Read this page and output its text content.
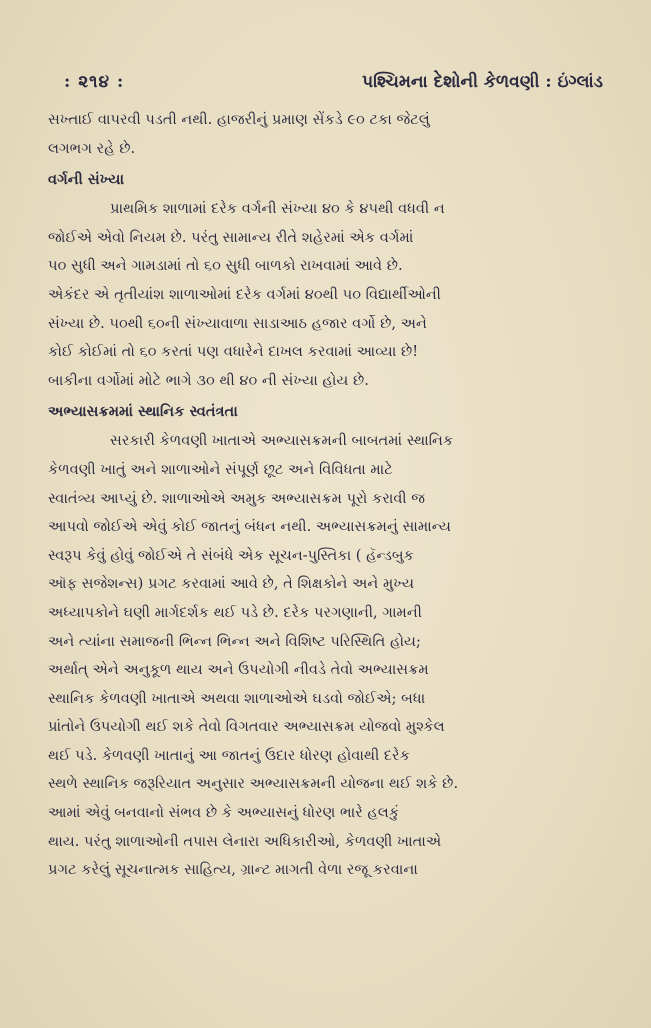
: ૨૧૪ :	પશ્ચિમના દેશોની કેળવણી : ઇંગ્લાંડ
સખ્તાઈ વાપરવી પડતી નથી. હાજરીનું પ્રમાણ સેંકડે ૯૦ ટકા જેટલું
લગભગ રહે છે.
વર્ગની સંખ્યા
પ્રાથમિક શાળામાં દરેક વર્ગની સંખ્યા ૪૦ કે ૪૫થી વધવી ન
જોઈએ એવો નિયમ છે. પરંતુ સામાન્ય રીતે શહેરમાં એક વર્ગમાં
૫૦ સુધી અને ગામડામાં તો ૬૦ સુધી બાળકો રાખવામાં આવે છે.
એકંદર એ તૃતીયાંશ શાળાઓમાં દરેક વર્ગમાં ૪૦થી ૫૦ વિદ્યાર્થીઓની
સંખ્યા છે. ૫૦થી ૬૦ની સંખ્યાવાળા સાડાઆઠ હજાર વર્ગો છે, અને
કોઈ કોઈમાં તો ૬૦ કરતાં પણ વધારેને દાખલ કરવામાં આવ્યા છે!
બાકીના વર્ગોમાં મોટે ભાગે ૩૦ થી ૪૦ ની સંખ્યા હોય છે.
અભ્યાસક્રમમાં સ્થાનિક સ્વતંત્રતા
સરકારી કેળવણી ખાતાએ અભ્યાસક્રમની બાબતમાં સ્થાનિક
કેળવણી ખાતું અને શાળાઓને સંપૂર્ણ છૂટ અને વિવિધતા માટે
સ્વાતંત્ર્ય આપ્યું છે. શાળાઓએ અમુક અભ્યાસક્રમ પૂરો કરાવી જ
આપવો જોઈએ એવું કોઈ જાતનું બંધન નથી. અભ્યાસક્રમનું સામાન્ય
સ્વરૂપ કેવું હોવું જોઈએ તે સંબંધે એક સૂચન-પુસ્તિકા ( હૅન્ડબુક
ઑફ સજેશન્સ) પ્રગટ કરવામાં આવે છે, તે શિક્ષકોને અને મુખ્ય
અધ્યાપકોને ઘણી માર્ગદર્શક થઈ પડે છે. દરેક પરગણાની, ગામની
અને ત્યાંના સમાજની ભિન્ન ભિન્ન અને વિશિષ્ટ પરિસ્થિતિ હોય;
અર્થાત્ એને અનુકૂળ થાય અને ઉપયોગી નીવડે તેવો અભ્યાસક્રમ
સ્થાનિક કેળવણી ખાતાએ અથવા શાળાઓએ ઘડવો જોઈએ; બધા
પ્રાંતોને ઉપયોગી થઈ શકે તેવો વિગતવાર અભ્યાસક્રમ યોજવો મુશ્કેલ
થઈ પડે. કેળવણી ખાતાનું આ જાતનું ઉદાર ધોરણ હોવાથી દરેક
સ્થળે સ્થાનિક જરૂરિયાત અનુસાર અભ્યાસક્રમની યોજના થઈ શકે છે.
આમાં એવું બનવાનો સંભવ છે કે અભ્યાસનું ધોરણ ભારે હલકું
થાય. પરંતુ શાળાઓની તપાસ લેનારા અધિકારીઓ, કેળવણી ખાતાએ
પ્રગટ કરેલું સૂચનાત્મક સાહિત્ય, ગ્રાન્ટ માગતી વેળા રજૂ કરવાના
